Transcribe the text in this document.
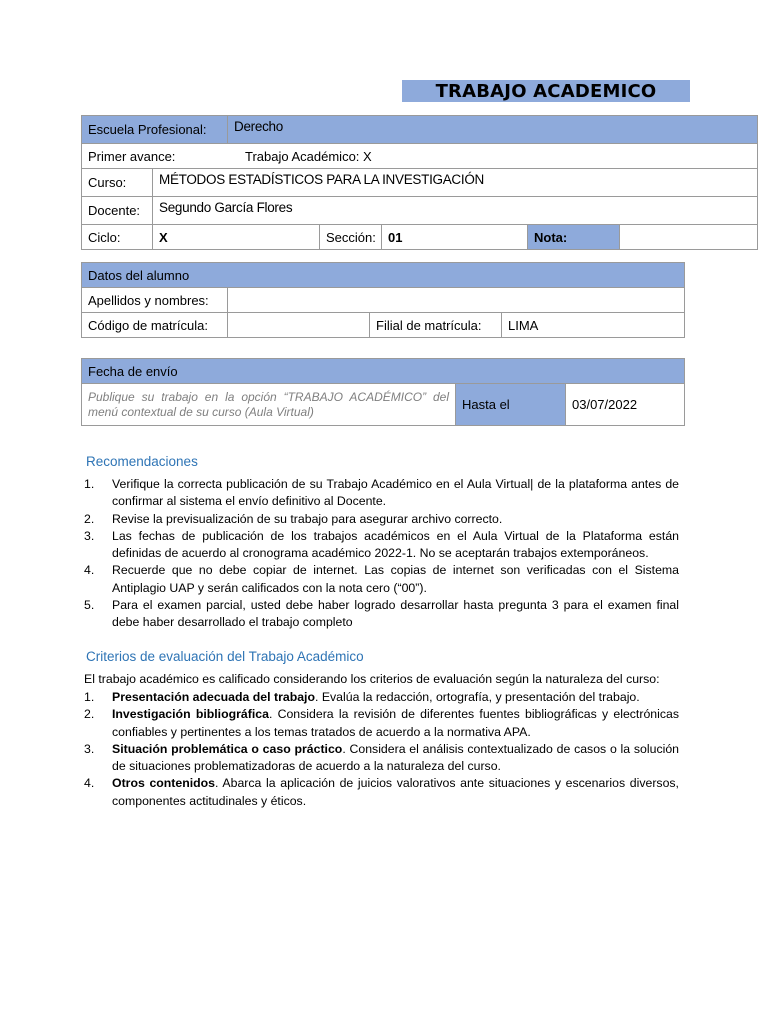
TRABAJO ACADEMICO
Escuela Profesional:		Derecho				
Primer avance: Trabajo Académico: X						
Curso:	MÉTODOS ESTADÍSTICOS PARA LA INVESTIGACIÓN					
Docente:	Segundo García Flores					
Ciclo:	X		Sección:	01	Nota:	
Datos del alumno			
Apellidos y nombres:			
Código de matrícula:		Filial de matrícula:	LIMA
Fecha de envío
Publique su trabajo en la opción “TRABAJO ACADÉMICO” del menú contextual de su curso (Aula Virtual)	Hasta el	03/07/2022
Recomendaciones
1. Verifique la correcta publicación de su Trabajo Académico en el Aula Virtual| de la plataforma antes de confirmar al sistema el envío definitivo al Docente.
2. Revise la previsualización de su trabajo para asegurar archivo correcto.
3. Las fechas de publicación de los trabajos académicos en el Aula Virtual de la Plataforma están definidas de acuerdo al cronograma académico 2022-1. No se aceptarán trabajos extemporáneos.
4. Recuerde que no debe copiar de internet. Las copias de internet son verificadas con el Sistema Antiplagio UAP y serán calificados con la nota cero (“00”).
5. Para el examen parcial, usted debe haber logrado desarrollar hasta pregunta 3 para el examen final debe haber desarrollado el trabajo completo
Criterios de evaluación del Trabajo Académico
El trabajo académico es calificado considerando los criterios de evaluación según la naturaleza del curso:
1. Presentación adecuada del trabajo. Evalúa la redacción, ortografía, y presentación del trabajo.
2. Investigación bibliográfica. Considera la revisión de diferentes fuentes bibliográficas y electrónicas confiables y pertinentes a los temas tratados de acuerdo a la normativa APA.
3. Situación problemática o caso práctico. Considera el análisis contextualizado de casos o la solución de situaciones problematizadoras de acuerdo a la naturaleza del curso.
4. Otros contenidos. Abarca la aplicación de juicios valorativos ante situaciones y escenarios diversos, componentes actitudinales y éticos.
